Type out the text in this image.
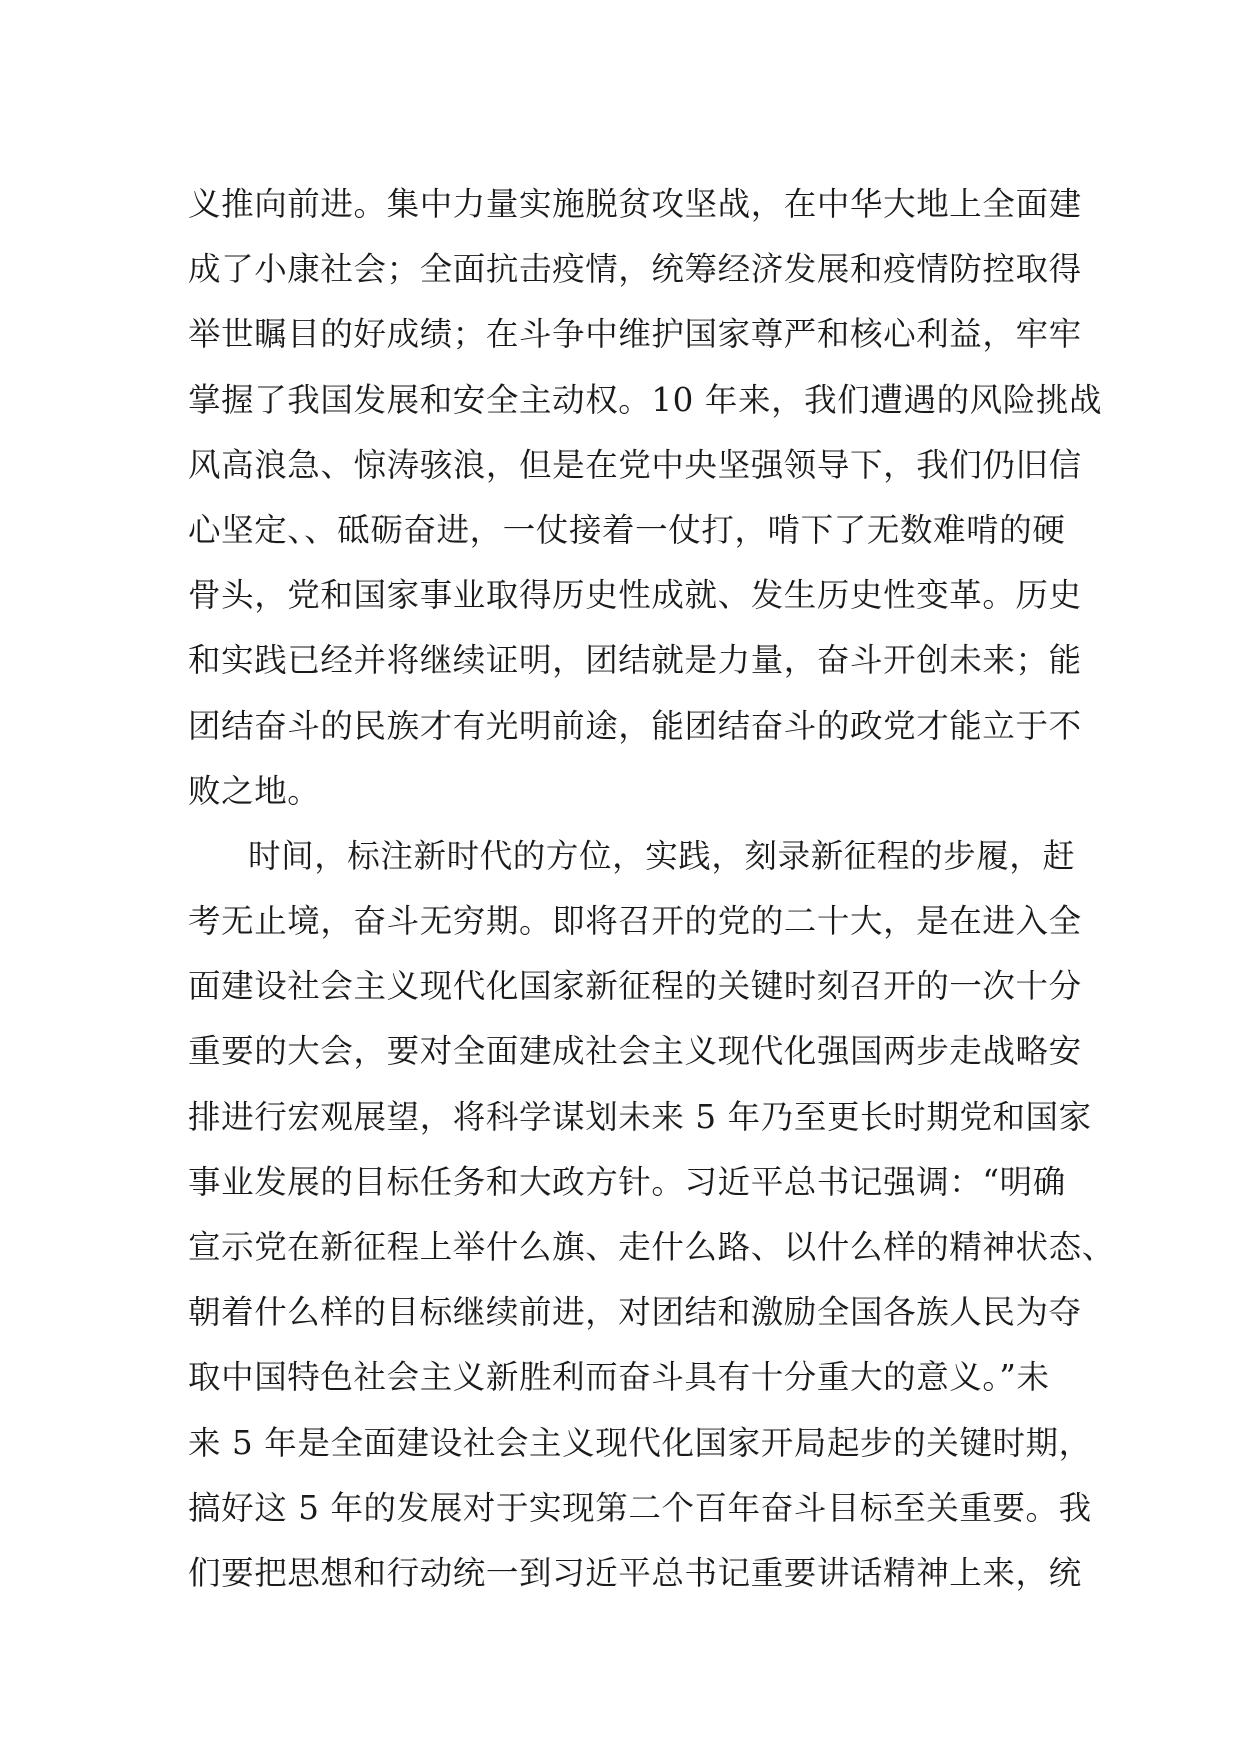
义推向前进。集中力量实施脱贫攻坚战，在中华大地上全面建
成了小康社会；全面抗击疫情，统筹经济发展和疫情防控取得
举世瞩目的好成绩；在斗争中维护国家尊严和核心利益，牢牢
掌握了我国发展和安全主动权。10 年来，我们遭遇的风险挑战
风高浪急、惊涛骇浪，但是在党中央坚强领导下，我们仍旧信
心坚定、、砥砺奋进，一仗接着一仗打，啃下了无数难啃的硬
骨头，党和国家事业取得历史性成就、发生历史性变革。历史
和实践已经并将继续证明，团结就是力量，奋斗开创未来；能
团结奋斗的民族才有光明前途，能团结奋斗的政党才能立于不
败之地。
时间，标注新时代的方位，实践，刻录新征程的步履，赶
考无止境，奋斗无穷期。即将召开的党的二十大，是在进入全
面建设社会主义现代化国家新征程的关键时刻召开的一次十分
重要的大会，要对全面建成社会主义现代化强国两步走战略安
排进行宏观展望，将科学谋划未来 5 年乃至更长时期党和国家
事业发展的目标任务和大政方针。习近平总书记强调：“明确
宣示党在新征程上举什么旗、走什么路、以什么样的精神状态、
朝着什么样的目标继续前进，对团结和激励全国各族人民为夺
取中国特色社会主义新胜利而奋斗具有十分重大的意义。”未
来 5 年是全面建设社会主义现代化国家开局起步的关键时期，
搞好这 5 年的发展对于实现第二个百年奋斗目标至关重要。我
们要把思想和行动统一到习近平总书记重要讲话精神上来，统
